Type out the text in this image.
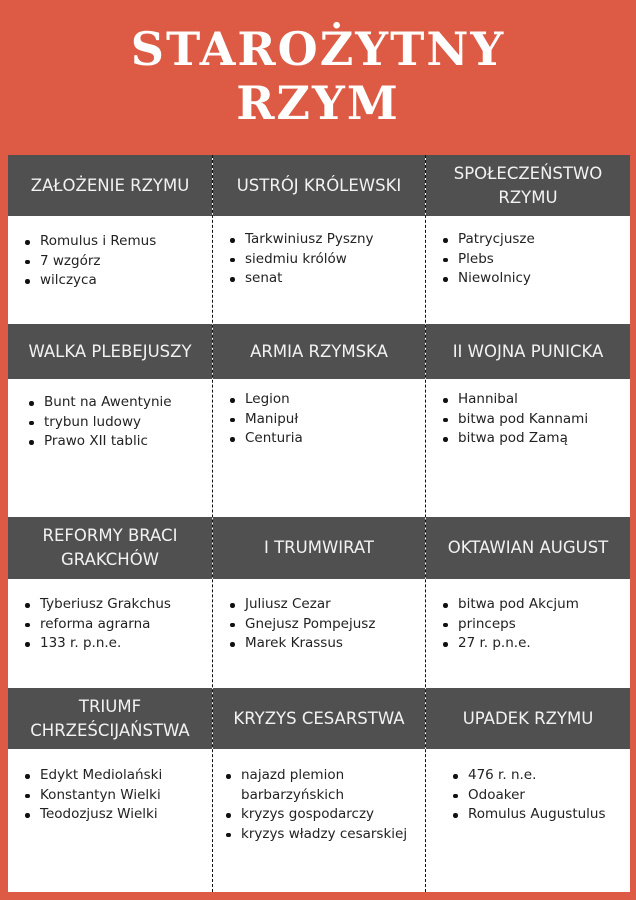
STAROŻYTNY
RZYM
ZAŁOŻENIE RZYMU
Romulus i Remus
7 wzgórz
wilczyca
USTRÓJ KRÓLEWSKI
Tarkwiniusz Pyszny
siedmiu królów
senat
SPOŁECZEŃSTWO RZYMU
Patrycjusze
Plebs
Niewolnicy
WALKA PLEBEJUSZY
Bunt na Awentynie
trybun ludowy
Prawo XII tablic
ARMIA RZYMSKA
Legion
Manipuł
Centuria
II WOJNA PUNICKA
Hannibal
bitwa pod Kannami
bitwa pod Zamą
REFORMY BRACI GRAKCHÓW
Tyberiusz Grakchus
reforma agrarna
133 r. p.n.e.
I TRUMWIRAT
Juliusz Cezar
Gnejusz Pompejusz
Marek Krassus
OKTAWIAN AUGUST
bitwa pod Akcjum
princeps
27 r. p.n.e.
TRIUMF CHRZEŚCIJAŃSTWA
Edykt Mediolański
Konstantyn Wielki
Teodozjusz Wielki
KRYZYS CESARSTWA
najazd plemion barbarzyńskich
kryzys gospodarczy
kryzys władzy cesarskiej
UPADEK RZYMU
476 r. n.e.
Odoaker
Romulus Augustulus
